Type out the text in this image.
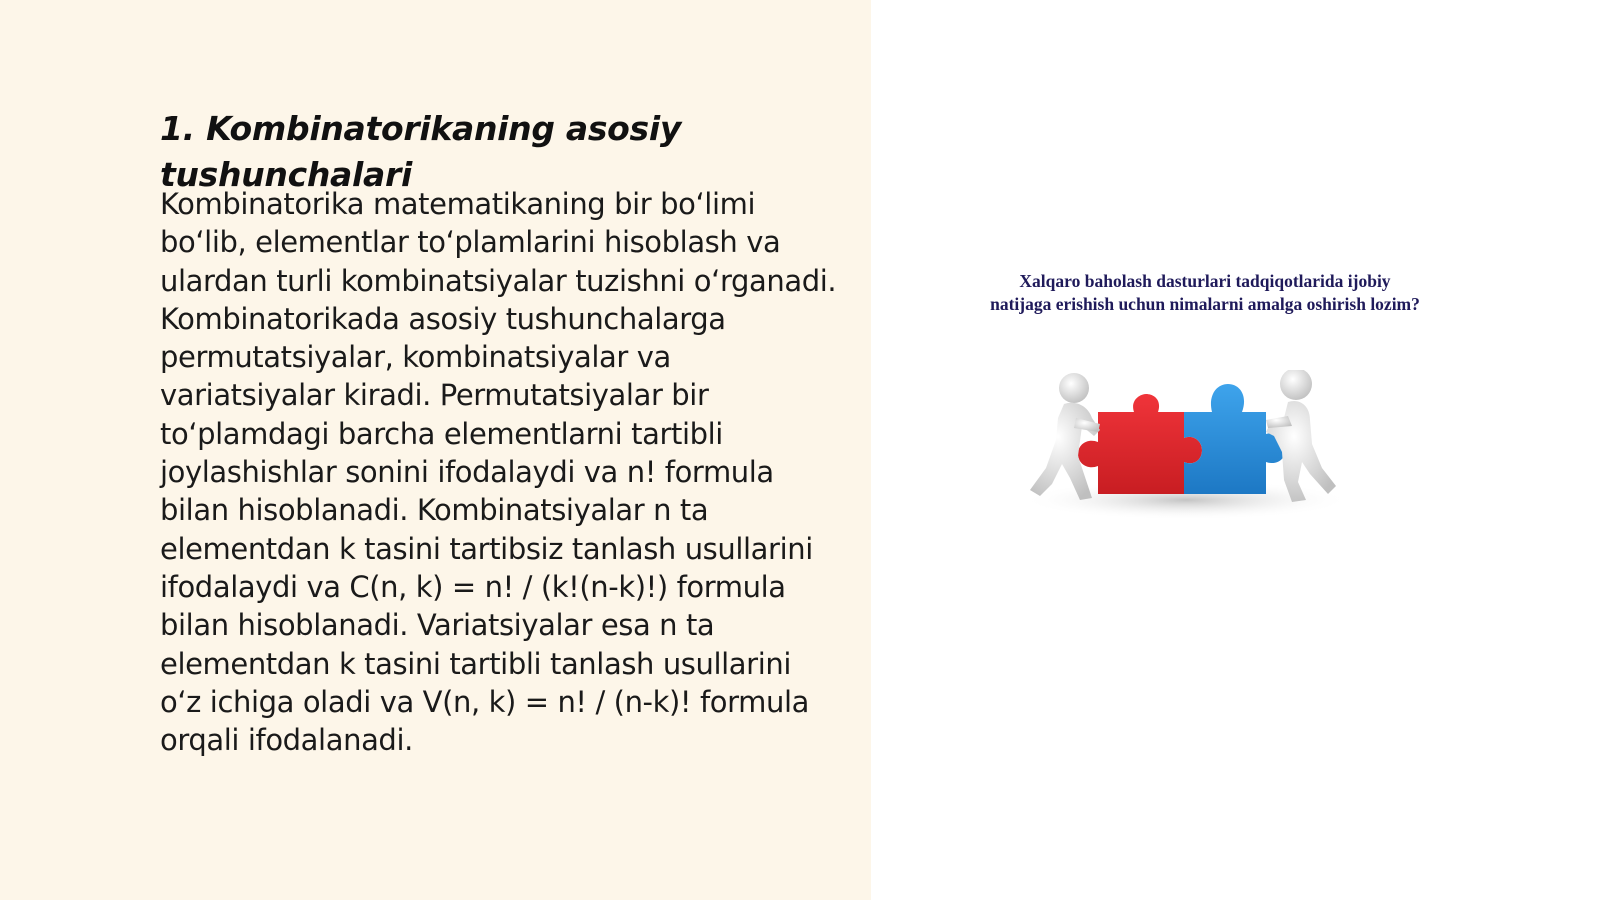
1. Kombinatorikaning asosiy tushunchalari

Kombinatorika matematikaning bir bo‘limi bo‘lib, elementlar to‘plamlarini hisoblash va ulardan turli kombinatsiyalar tuzishni o‘rganadi. Kombinatorikada asosiy tushunchalarga permutatsiyalar, kombinatsiyalar va variatsiyalar kiradi. Permutatsiyalar bir to‘plamdagi barcha elementlarni tartibli joylashishlar sonini ifodalaydi va n! formula bilan hisoblanadi. Kombinatsiyalar n ta elementdan k tasini tartibsiz tanlash usullarini ifodalaydi va C(n, k) = n! / (k!(n-k)!) formula bilan hisoblanadi. Variatsiyalar esa n ta elementdan k tasini tartibli tanlash usullarini o‘z ichiga oladi va V(n, k) = n! / (n-k)! formula orqali ifodalanadi.

Xalqaro baholash dasturlari tadqiqotlarida ijobiy natijaga erishish uchun nimalarni amalga oshirish lozim?
